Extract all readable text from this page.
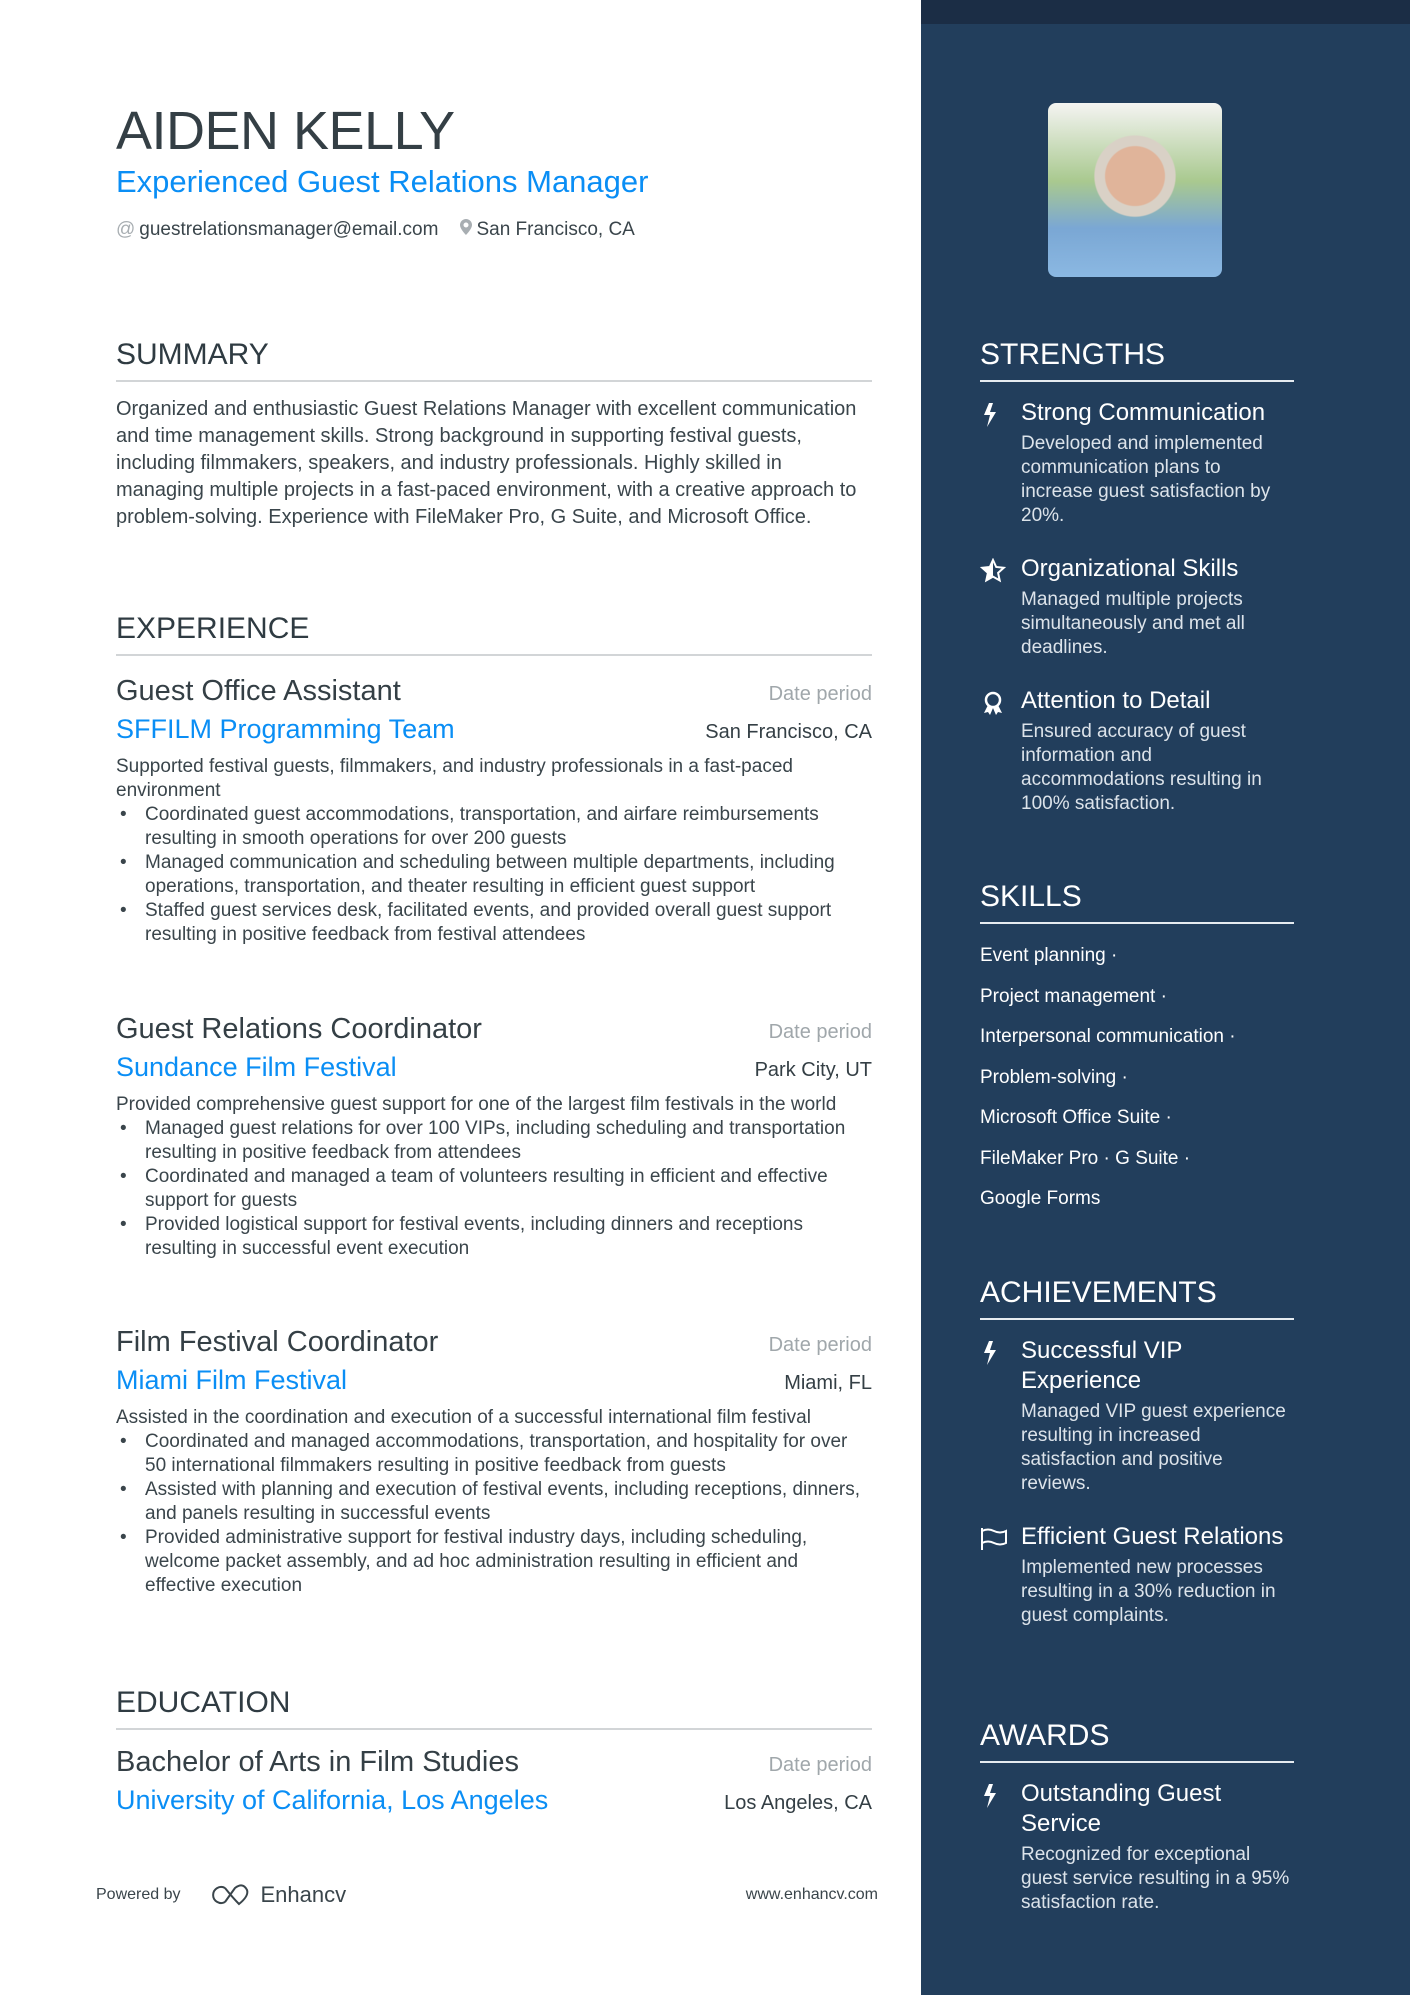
AIDEN KELLY
Experienced Guest Relations Manager
@ guestrelationsmanager@email.com	San Francisco, CA
SUMMARY

Organized and enthusiastic Guest Relations Manager with excellent communication and time management skills. Strong background in supporting festival guests, including filmmakers, speakers, and industry professionals. Highly skilled in managing multiple projects in a fast-paced environment, with a creative approach to problem-solving. Experience with FileMaker Pro, G Suite, and Microsoft Office.

EXPERIENCE
Guest Office Assistant	Date period
SFFILM Programming Team	San Francisco, CA

Supported festival guests, filmmakers, and industry professionals in a fast-paced environment

• Coordinated guest accommodations, transportation, and airfare reimbursements resulting in smooth operations for over 200 guests
• Managed communication and scheduling between multiple departments, including operations, transportation, and theater resulting in efficient guest support
• Staffed guest services desk, facilitated events, and provided overall guest support resulting in positive feedback from festival attendees
Guest Relations Coordinator	Date period
Sundance Film Festival	Park City, UT

Provided comprehensive guest support for one of the largest film festivals in the world

• Managed guest relations for over 100 VIPs, including scheduling and transportation resulting in positive feedback from attendees
• Coordinated and managed a team of volunteers resulting in efficient and effective support for guests
• Provided logistical support for festival events, including dinners and receptions resulting in successful event execution
Film Festival Coordinator	Date period
Miami Film Festival	Miami, FL

Assisted in the coordination and execution of a successful international film festival

• Coordinated and managed accommodations, transportation, and hospitality for over 50 international filmmakers resulting in positive feedback from guests
• Assisted with planning and execution of festival events, including receptions, dinners, and panels resulting in successful events
• Provided administrative support for festival industry days, including scheduling, welcome packet assembly, and ad hoc administration resulting in efficient and effective execution
EDUCATION
Bachelor of Arts in Film Studies	Date period
University of California, Los Angeles	Los Angeles, CA
Powered by	Enhancv	www.enhancv.com
STRENGTHS
Strong Communication
Developed and implemented communication plans to increase guest satisfaction by 20%.
Organizational Skills
Managed multiple projects simultaneously and met all deadlines.
Attention to Detail
Ensured accuracy of guest information and accommodations resulting in 100% satisfaction.
SKILLS
Event planning ·
Project management ·
Interpersonal communication ·
Problem-solving ·
Microsoft Office Suite ·
FileMaker Pro · G Suite ·
Google Forms
ACHIEVEMENTS
Successful VIP Experience
Managed VIP guest experience resulting in increased satisfaction and positive reviews.
Efficient Guest Relations
Implemented new processes resulting in a 30% reduction in guest complaints.
AWARDS
Outstanding Guest Service
Recognized for exceptional guest service resulting in a 95% satisfaction rate.
